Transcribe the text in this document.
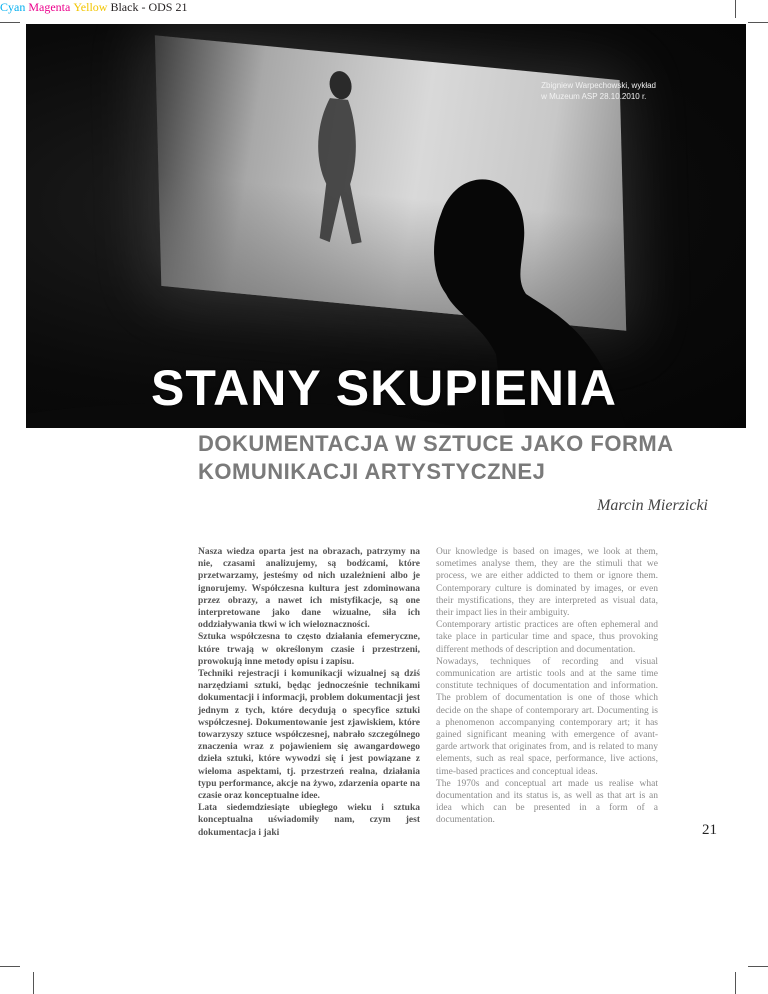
Cyan Magenta Yellow Black - ODS 21
Zbigniew Warpechowski, wykład
w Muzeum ASP 28.10.2010 r.
STANY SKUPIENIA
DOKUMENTACJA W SZTUCE JAKO FORMA
KOMUNIKACJI ARTYSTYCZNEJ
Marcin Mierzicki

Nasza wiedza oparta jest na obrazach, patrzymy na nie, czasami analizujemy, są bodźcami, które przetwarzamy, jesteśmy od nich uzależnieni albo je ignorujemy. Współczesna kultura jest zdominowana przez obrazy, a nawet ich mistyfikacje, są one interpretowane jako dane wizualne, siła ich oddziaływania tkwi w ich wieloznaczności.

Sztuka współczesna to często działania efemeryczne, które trwają w określonym czasie i przestrzeni, prowokują inne metody opisu i zapisu.

Techniki rejestracji i komunikacji wizualnej są dziś narzędziami sztuki, będąc jednocześnie technikami dokumentacji i informacji, problem dokumentacji jest jednym z tych, które decydują o specyfice sztuki współczesnej. Dokumentowanie jest zjawiskiem, które towarzyszy sztuce współczesnej, nabrało szczególnego znaczenia wraz z pojawieniem się awangardowego dzieła sztuki, które wywodzi się i jest powiązane z wieloma aspektami, tj. przestrzeń realna, działania typu performance, akcje na żywo, zdarzenia oparte na czasie oraz konceptualne idee.

Lata siedemdziesiąte ubiegłego wieku i sztuka konceptualna uświadomiły nam, czym jest dokumentacja i jaki

Our knowledge is based on images, we look at them, sometimes analyse them, they are the stimuli that we process, we are either addicted to them or ignore them. Contemporary culture is dominated by images, or even their mystifications, they are interpreted as visual data, their impact lies in their ambiguity.

Contemporary artistic practices are often ephemeral and take place in particular time and space, thus provoking different methods of description and documentation.

Nowadays, techniques of recording and visual communication are artistic tools and at the same time constitute techniques of documentation and information. The problem of documentation is one of those which decide on the shape of contemporary art. Documenting is a phenomenon accompanying contemporary art; it has gained significant meaning with emergence of avant-garde artwork that originates from, and is related to many elements, such as real space, performance, live actions, time-based practices and conceptual ideas.

The 1970s and conceptual art made us realise what documentation and its status is, as well as that art is an idea which can be presented in a form of a documentation.

21
